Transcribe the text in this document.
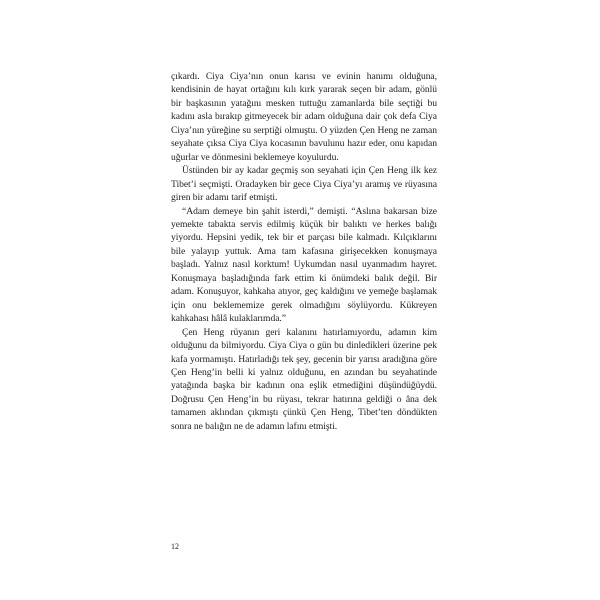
çıkardı. Ciya Ciya’nın onun karısı ve evinin hanımı olduğuna, kendisinin de hayat ortağını kılı kırk yararak seçen bir adam, gönlü bir başkasının yatağını mesken tuttuğu zamanlarda bile seçtiği bu kadını asla bırakıp gitmeyecek bir adam olduğuna dair çok defa Ciya Ciya’nın yüreğine su serptiği olmuştu. O yüzden Çen Heng ne zaman seyahate çıksa Ciya Ciya kocasının bavulunu hazır eder, onu kapıdan uğurlar ve dönmesini beklemeye koyulurdu.

Üstünden bir ay kadar geçmiş son seyahati için Çen Heng ilk kez Tibet’i seçmişti. Oradayken bir gece Ciya Ciya’yı aramış ve rüyasına giren bir adamı tarif etmişti.

“Adam demeye bin şahit isterdi,” demişti. “Aslına bakarsan bize yemekte tabakta servis edilmiş küçük bir balıktı ve herkes balığı yiyordu. Hepsini yedik, tek bir et parçası bile kalmadı. Kılçıklarını bile yalayıp yuttuk. Ama tam kafasına girişecekken konuşmaya başladı. Yalnız nasıl korktum! Uykumdan nasıl uyanmadım hayret. Konuşmaya başladığında fark ettim ki önümdeki balık değil. Bir adam. Konuşuyor, kahkaha atıyor, geç kaldığını ve yemeğe başlamak için onu beklememize gerek olmadığını söylüyordu. Kükreyen kahkahası hâlâ kulaklarımda.”

Çen Heng rüyanın geri kalanını hatırlamıyordu, adamın kim olduğunu da bilmiyordu. Ciya Ciya o gün bu dinledikleri üzerine pek kafa yormamıştı. Hatırladığı tek şey, gecenin bir yarısı aradığına göre Çen Heng’in belli ki yalnız olduğunu, en azından bu seyahatinde yatağında başka bir kadının ona eşlik etmediğini düşündüğüydü. Doğrusu Çen Heng’in bu rüyası, tekrar hatırına geldiği o âna dek tamamen aklından çıkmıştı çünkü Çen Heng, Tibet’ten döndükten sonra ne balığın ne de adamın lafını etmişti.

12
